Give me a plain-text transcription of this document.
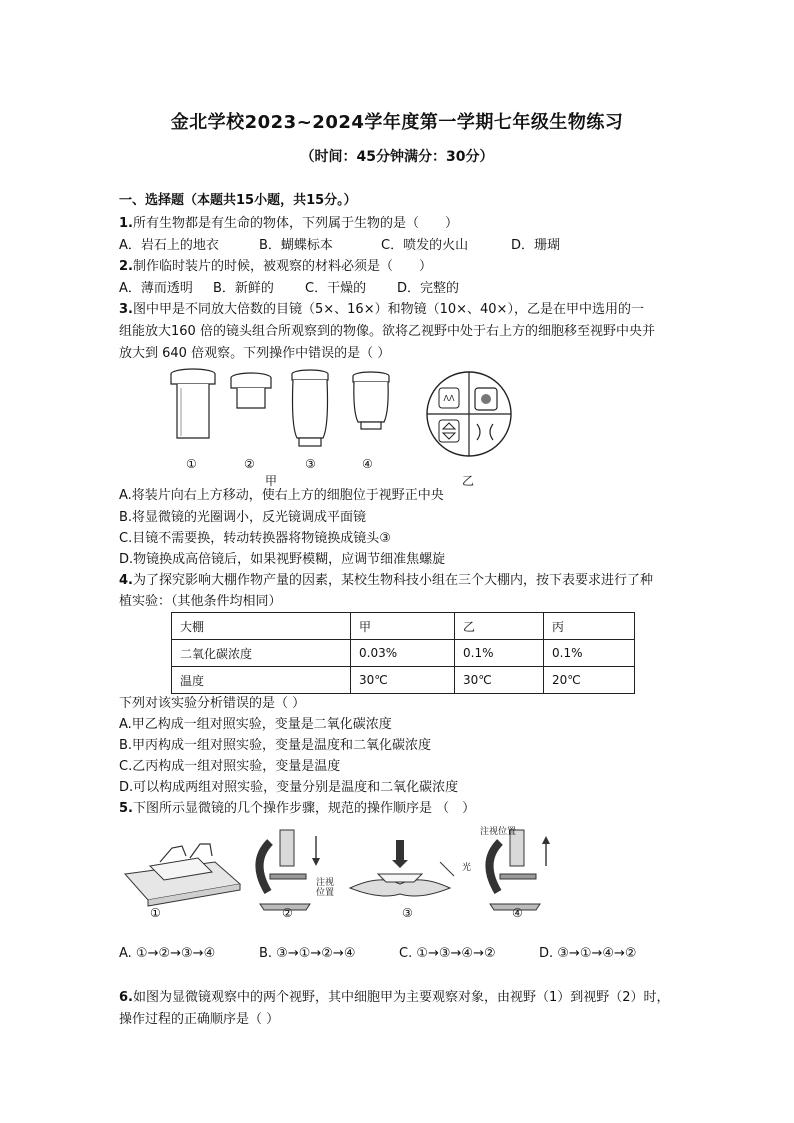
金北学校2023~2024学年度第一学期七年级生物练习
（时间：45分钟满分：30分）
一、选择题（本题共15小题，共15分。）
1.所有生物都是有生命的物体，下列属于生物的是（　　）
A．岩石上的地衣	B．蝴蝶标本	C．喷发的火山	D．珊瑚
2.制作临时装片的时候，被观察的材料必须是（　　）
A．薄而透明 B．新鲜的 C．干燥的 D．完整的
3.图中甲是不同放大倍数的目镜（5×、16×）和物镜（10×、40×），乙是在甲中选用的一
组能放大160 倍的镜头组合所观察到的物像。欲将乙视野中处于右上方的细胞移至视野中央并
放大到 640 倍观察。下列操作中错误的是（ ）
①	②	③	④
甲
ΛΛ
乙
A.将装片向右上方移动，使右上方的细胞位于视野正中央
B.将显微镜的光圈调小，反光镜调成平面镜
C.目镜不需要换，转动转换器将物镜换成镜头③
D.物镜换成高倍镜后，如果视野模糊，应调节细准焦螺旋
4.为了探究影响大棚作物产量的因素，某校生物科技小组在三个大棚内，按下表要求进行了种
植实验：（其他条件均相同）
大棚	甲	乙	丙
二氧化碳浓度	0.03%	0.1%	0.1%
温度	30℃	30℃	20℃
下列对该实验分析错误的是（ ）
A.甲乙构成一组对照实验，变量是二氧化碳浓度
B.甲丙构成一组对照实验，变量是温度和二氧化碳浓度
C.乙丙构成一组对照实验，变量是温度
D.可以构成两组对照实验，变量分别是温度和二氧化碳浓度
5.下图所示显微镜的几个操作步骤，规范的操作顺序是 （　）
注视位置
注视位置
光
①	②	③	④
A. ①→②→③→④	B. ③→①→②→④	C. ①→③→④→②	D. ③→①→④→②
6.如图为显微镜观察中的两个视野，其中细胞甲为主要观察对象，由视野（1）到视野（2）时，
操作过程的正确顺序是（ ）
